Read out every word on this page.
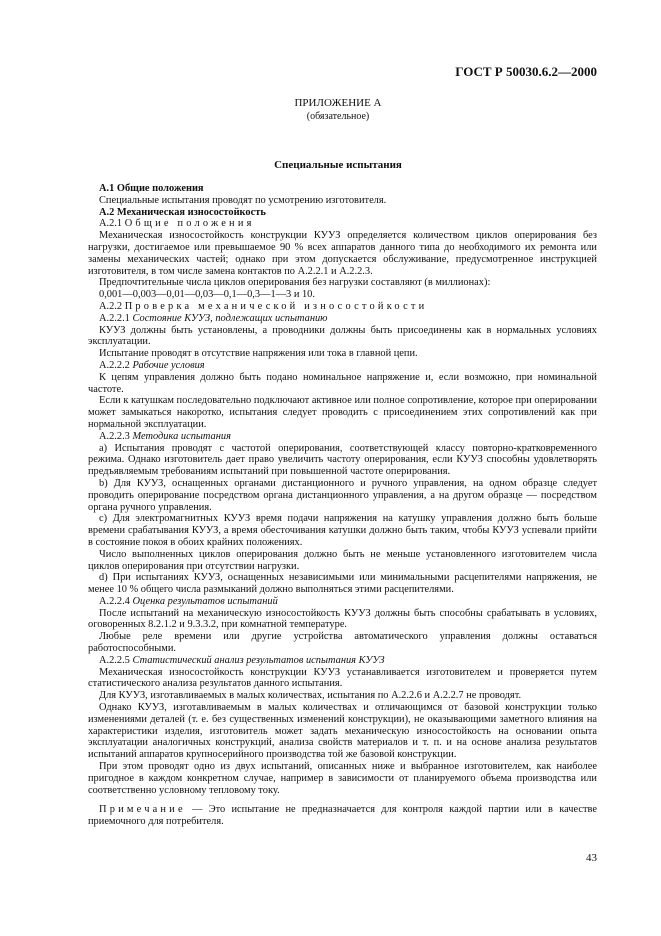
ГОСТ Р 50030.6.2—2000
ПРИЛОЖЕНИЕ А
(обязательное)
Специальные испытания

А.1 Общие положения

Специальные испытания проводят по усмотрению изготовителя.

А.2 Механическая износостойкость

А.2.1 Общие положения

Механическая износостойкость конструкции КУУЗ определяется количеством циклов оперирования без нагрузки, достигаемое или превышаемое 90 % всех аппаратов данного типа до необходимого их ремонта или замены механических частей; однако при этом допускается обслуживание, предусмотренное инструкцией изготовителя, в том числе замена контактов по А.2.2.1 и А.2.2.3.

Предпочтительные числа циклов оперирования без нагрузки составляют (в миллионах):

0,001—0,003—0,01—0,03—0,1—0,3—1—3 и 10.

А.2.2 Проверка механической износостойкости

А.2.2.1 Состояние КУУЗ, подлежащих испытанию

КУУЗ должны быть установлены, а проводники должны быть присоединены как в нормальных условиях эксплуатации.

Испытание проводят в отсутствие напряжения или тока в главной цепи.

А.2.2.2 Рабочие условия

К цепям управления должно быть подано номинальное напряжение и, если возможно, при номинальной частоте.

Если к катушкам последовательно подключают активное или полное сопротивление, которое при оперировании может замыкаться накоротко, испытания следует проводить с присоединением этих сопротивлений как при нормальной эксплуатации.

А.2.2.3 Методика испытания

a) Испытания проводят с частотой оперирования, соответствующей классу повторно-кратковременного режима. Однако изготовитель дает право увеличить частоту оперирования, если КУУЗ способны удовлетворять предъявляемым требованиям испытаний при повышенной частоте оперирования.

b) Для КУУЗ, оснащенных органами дистанционного и ручного управления, на одном образце следует проводить оперирование посредством органа дистанционного управления, а на другом образце — посредством органа ручного управления.

c) Для электромагнитных КУУЗ время подачи напряжения на катушку управления должно быть больше времени срабатывания КУУЗ, а время обесточивания катушки должно быть таким, чтобы КУУЗ успевали прийти в состояние покоя в обоих крайних положениях.

Число выполненных циклов оперирования должно быть не меньше установленного изготовителем числа циклов оперирования при отсутствии нагрузки.

d) При испытаниях КУУЗ, оснащенных независимыми или минимальными расцепителями напряжения, не менее 10 % общего числа размыканий должно выполняться этими расцепителями.

А.2.2.4 Оценка результатов испытаний

После испытаний на механическую износостойкость КУУЗ должны быть способны срабатывать в условиях, оговоренных 8.2.1.2 и 9.3.3.2, при комнатной температуре.

Любые реле времени или другие устройства автоматического управления должны оставаться работоспособными.

А.2.2.5 Статистический анализ результатов испытания КУУЗ

Механическая износостойкость конструкции КУУЗ устанавливается изготовителем и проверяется путем статистического анализа результатов данного испытания.

Для КУУЗ, изготавливаемых в малых количествах, испытания по А.2.2.6 и А.2.2.7 не проводят.

Однако КУУЗ, изготавливаемым в малых количествах и отличающимся от базовой конструкции только изменениями деталей (т. е. без существенных изменений конструкции), не оказывающими заметного влияния на характеристики изделия, изготовитель может задать механическую износостойкость на основании опыта эксплуатации аналогичных конструкций, анализа свойств материалов и т. п. и на основе анализа результатов испытаний аппаратов крупносерийного производства той же базовой конструкции.

При этом проводят одно из двух испытаний, описанных ниже и выбранное изготовителем, как наиболее пригодное в каждом конкретном случае, например в зависимости от планируемого объема производства или соответственно условному тепловому току.

Примечание — Это испытание не предназначается для контроля каждой партии или в качестве приемочного для потребителя.

43
